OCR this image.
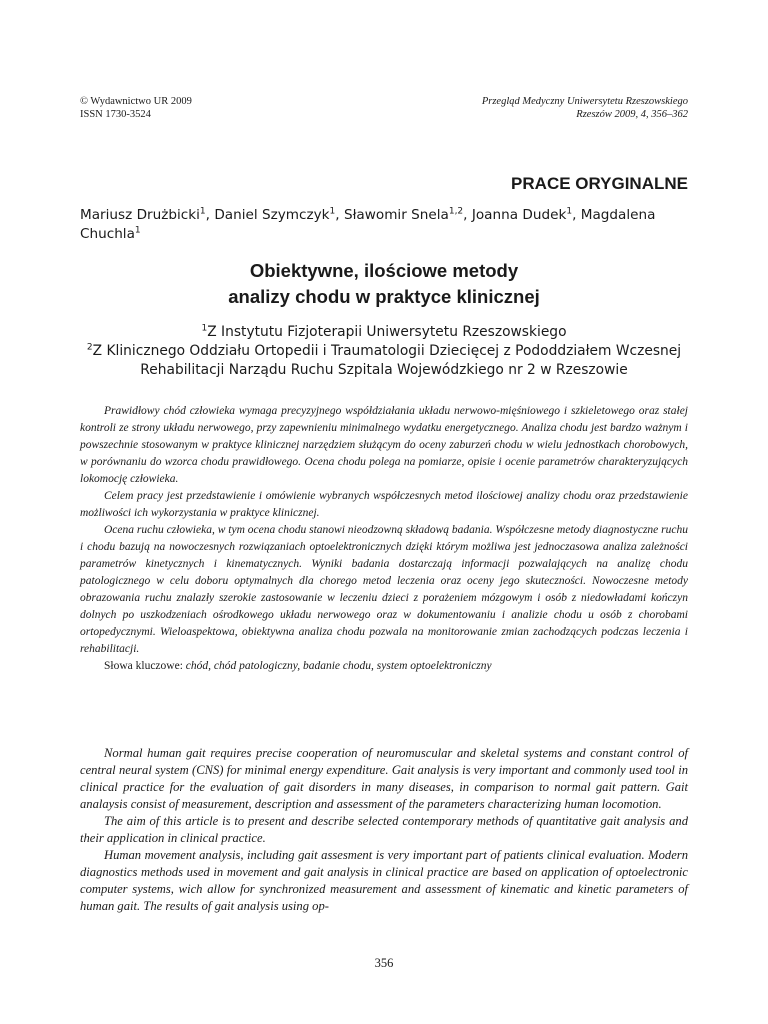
© Wydawnictwo UR 2009
ISSN 1730-3524
Przegląd Medyczny Uniwersytetu Rzeszowskiego
Rzeszów 2009, 4, 356–362
PRACE ORYGINALNE
Mariusz Drużbicki$^1$, Daniel Szymczyk$^1$, Sławomir Snela$^{1,2}$, Joanna Dudek$^1$, Magdalena Chuchla$^1$
Obiektywne, ilościowe metody
analizy chodu w praktyce klinicznej
$^1$Z Instytutu Fizjoterapii Uniwersytetu Rzeszowskiego
$^2$Z Klinicznego Oddziału Ortopedii i Traumatologii Dziecięcej z Pododdziałem Wczesnej Rehabilitacji Narządu Ruchu Szpitala Wojewódzkiego nr 2 w Rzeszowie

Prawidłowy chód człowieka wymaga precyzyjnego współdziałania układu nerwowo-mięśniowego i szkieletowego oraz stałej kontroli ze strony układu nerwowego, przy zapewnieniu minimalnego wydatku energetycznego. Analiza chodu jest bardzo ważnym i powszechnie stosowanym w praktyce klinicznej narzędziem służącym do oceny zaburzeń chodu w wielu jednostkach chorobowych, w porównaniu do wzorca chodu prawidłowego. Ocena chodu polega na pomiarze, opisie i ocenie parametrów charakteryzujących lokomocję człowieka.

Celem pracy jest przedstawienie i omówienie wybranych współczesnych metod ilościowej analizy chodu oraz przedstawienie możliwości ich wykorzystania w praktyce klinicznej.

Ocena ruchu człowieka, w tym ocena chodu stanowi nieodzowną składową badania. Współczesne metody diagnostyczne ruchu i chodu bazują na nowoczesnych rozwiązaniach optoelektronicznych dzięki którym możliwa jest jednoczasowa analiza zależności parametrów kinetycznych i kinematycznych. Wyniki badania dostarczają informacji pozwalających na analizę chodu patologicznego w celu doboru optymalnych dla chorego metod leczenia oraz oceny jego skuteczności. Nowoczesne metody obrazowania ruchu znalazły szerokie zastosowanie w leczeniu dzieci z porażeniem mózgowym i osób z niedowładami kończyn dolnych po uszkodzeniach ośrodkowego układu nerwowego oraz w dokumentowaniu i analizie chodu u osób z chorobami ortopedycznymi. Wieloaspektowa, obiektywna analiza chodu pozwala na monitorowanie zmian zachodzących podczas leczenia i rehabilitacji.

Słowa kluczowe: chód, chód patologiczny, badanie chodu, system optoelektroniczny

Normal human gait requires precise cooperation of neuromuscular and skeletal systems and constant control of central neural system (CNS) for minimal energy expenditure. Gait analysis is very important and commonly used tool in clinical practice for the evaluation of gait disorders in many diseases, in comparison to normal gait pattern. Gait analaysis consist of measurement, description and assessment of the parameters characterizing human locomotion.

The aim of this article is to present and describe selected contemporary methods of quantitative gait analysis and their application in clinical practice.

Human movement analysis, including gait assesment is very important part of patients clinical evaluation. Modern diagnostics methods used in movement and gait analysis in clinical practice are based on application of optoelectronic computer systems, wich allow for synchronized measurement and assessment of kinematic and kinetic parameters of human gait. The results of gait analysis using op-

356
